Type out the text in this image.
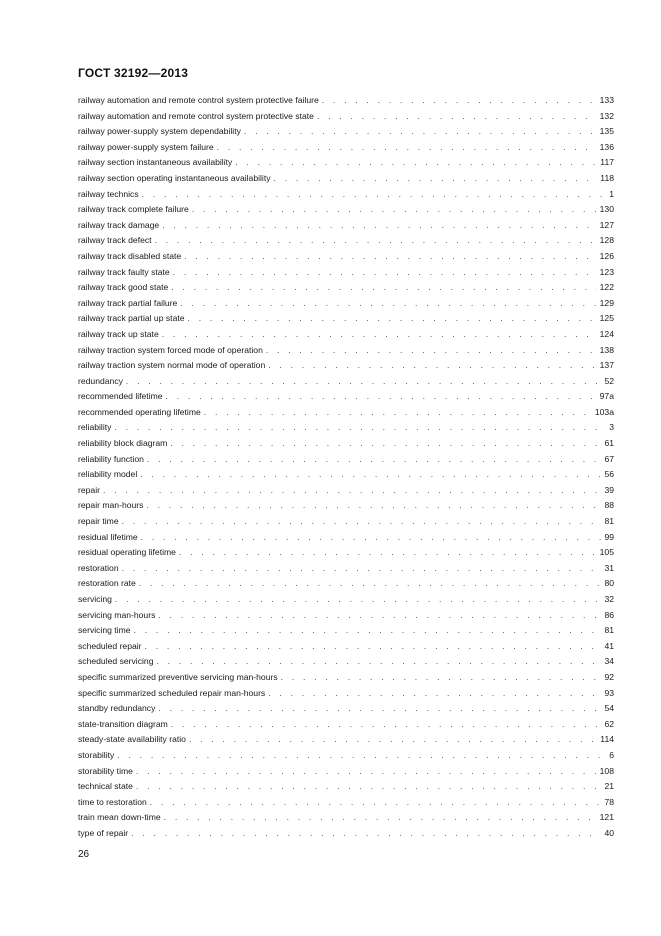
ГОСТ 32192—2013
railway automation and remote control system protective failure . . .	133
railway automation and remote control system protective state . . .	132
railway power-supply system dependability . . .	135
railway power-supply system failure . . .	136
railway section instantaneous availability . . .	117
railway section operating instantaneous availability . . .	118
railway technics . . .	1
railway track complete failure . . .	130
railway track damage . . .	127
railway track defect . . .	128
railway track disabled state . . .	126
railway track faulty state . . .	123
railway track good state . . .	122
railway track partial failure . . .	129
railway track partial up state . . .	125
railway track up state . . .	124
railway traction system forced mode of operation . . .	138
railway traction system normal mode of operation . . .	137
redundancy . . .	52
recommended lifetime . . .	97a
recommended operating lifetime . . .	103a
reliability . . .	3
reliability block diagram . . .	61
reliability function . . .	67
reliability model . . .	56
repair . . .	39
repair man-hours . . .	88
repair time . . .	81
residual lifetime . . .	99
residual operating lifetime . . .	105
restoration . . .	31
restoration rate . . .	80
servicing . . .	32
servicing man-hours . . .	86
servicing time . . .	81
scheduled repair . . .	41
scheduled servicing . . .	34
specific summarized preventive servicing man-hours . . .	92
specific summarized scheduled repair man-hours . . .	93
standby redundancy . . .	54
state-transition diagram . . .	62
steady-state availability ratio . . .	114
storability . . .	6
storability time . . .	108
technical state . . .	21
time to restoration . . .	78
train mean down-time . . .	121
type of repair . . .	40
26
